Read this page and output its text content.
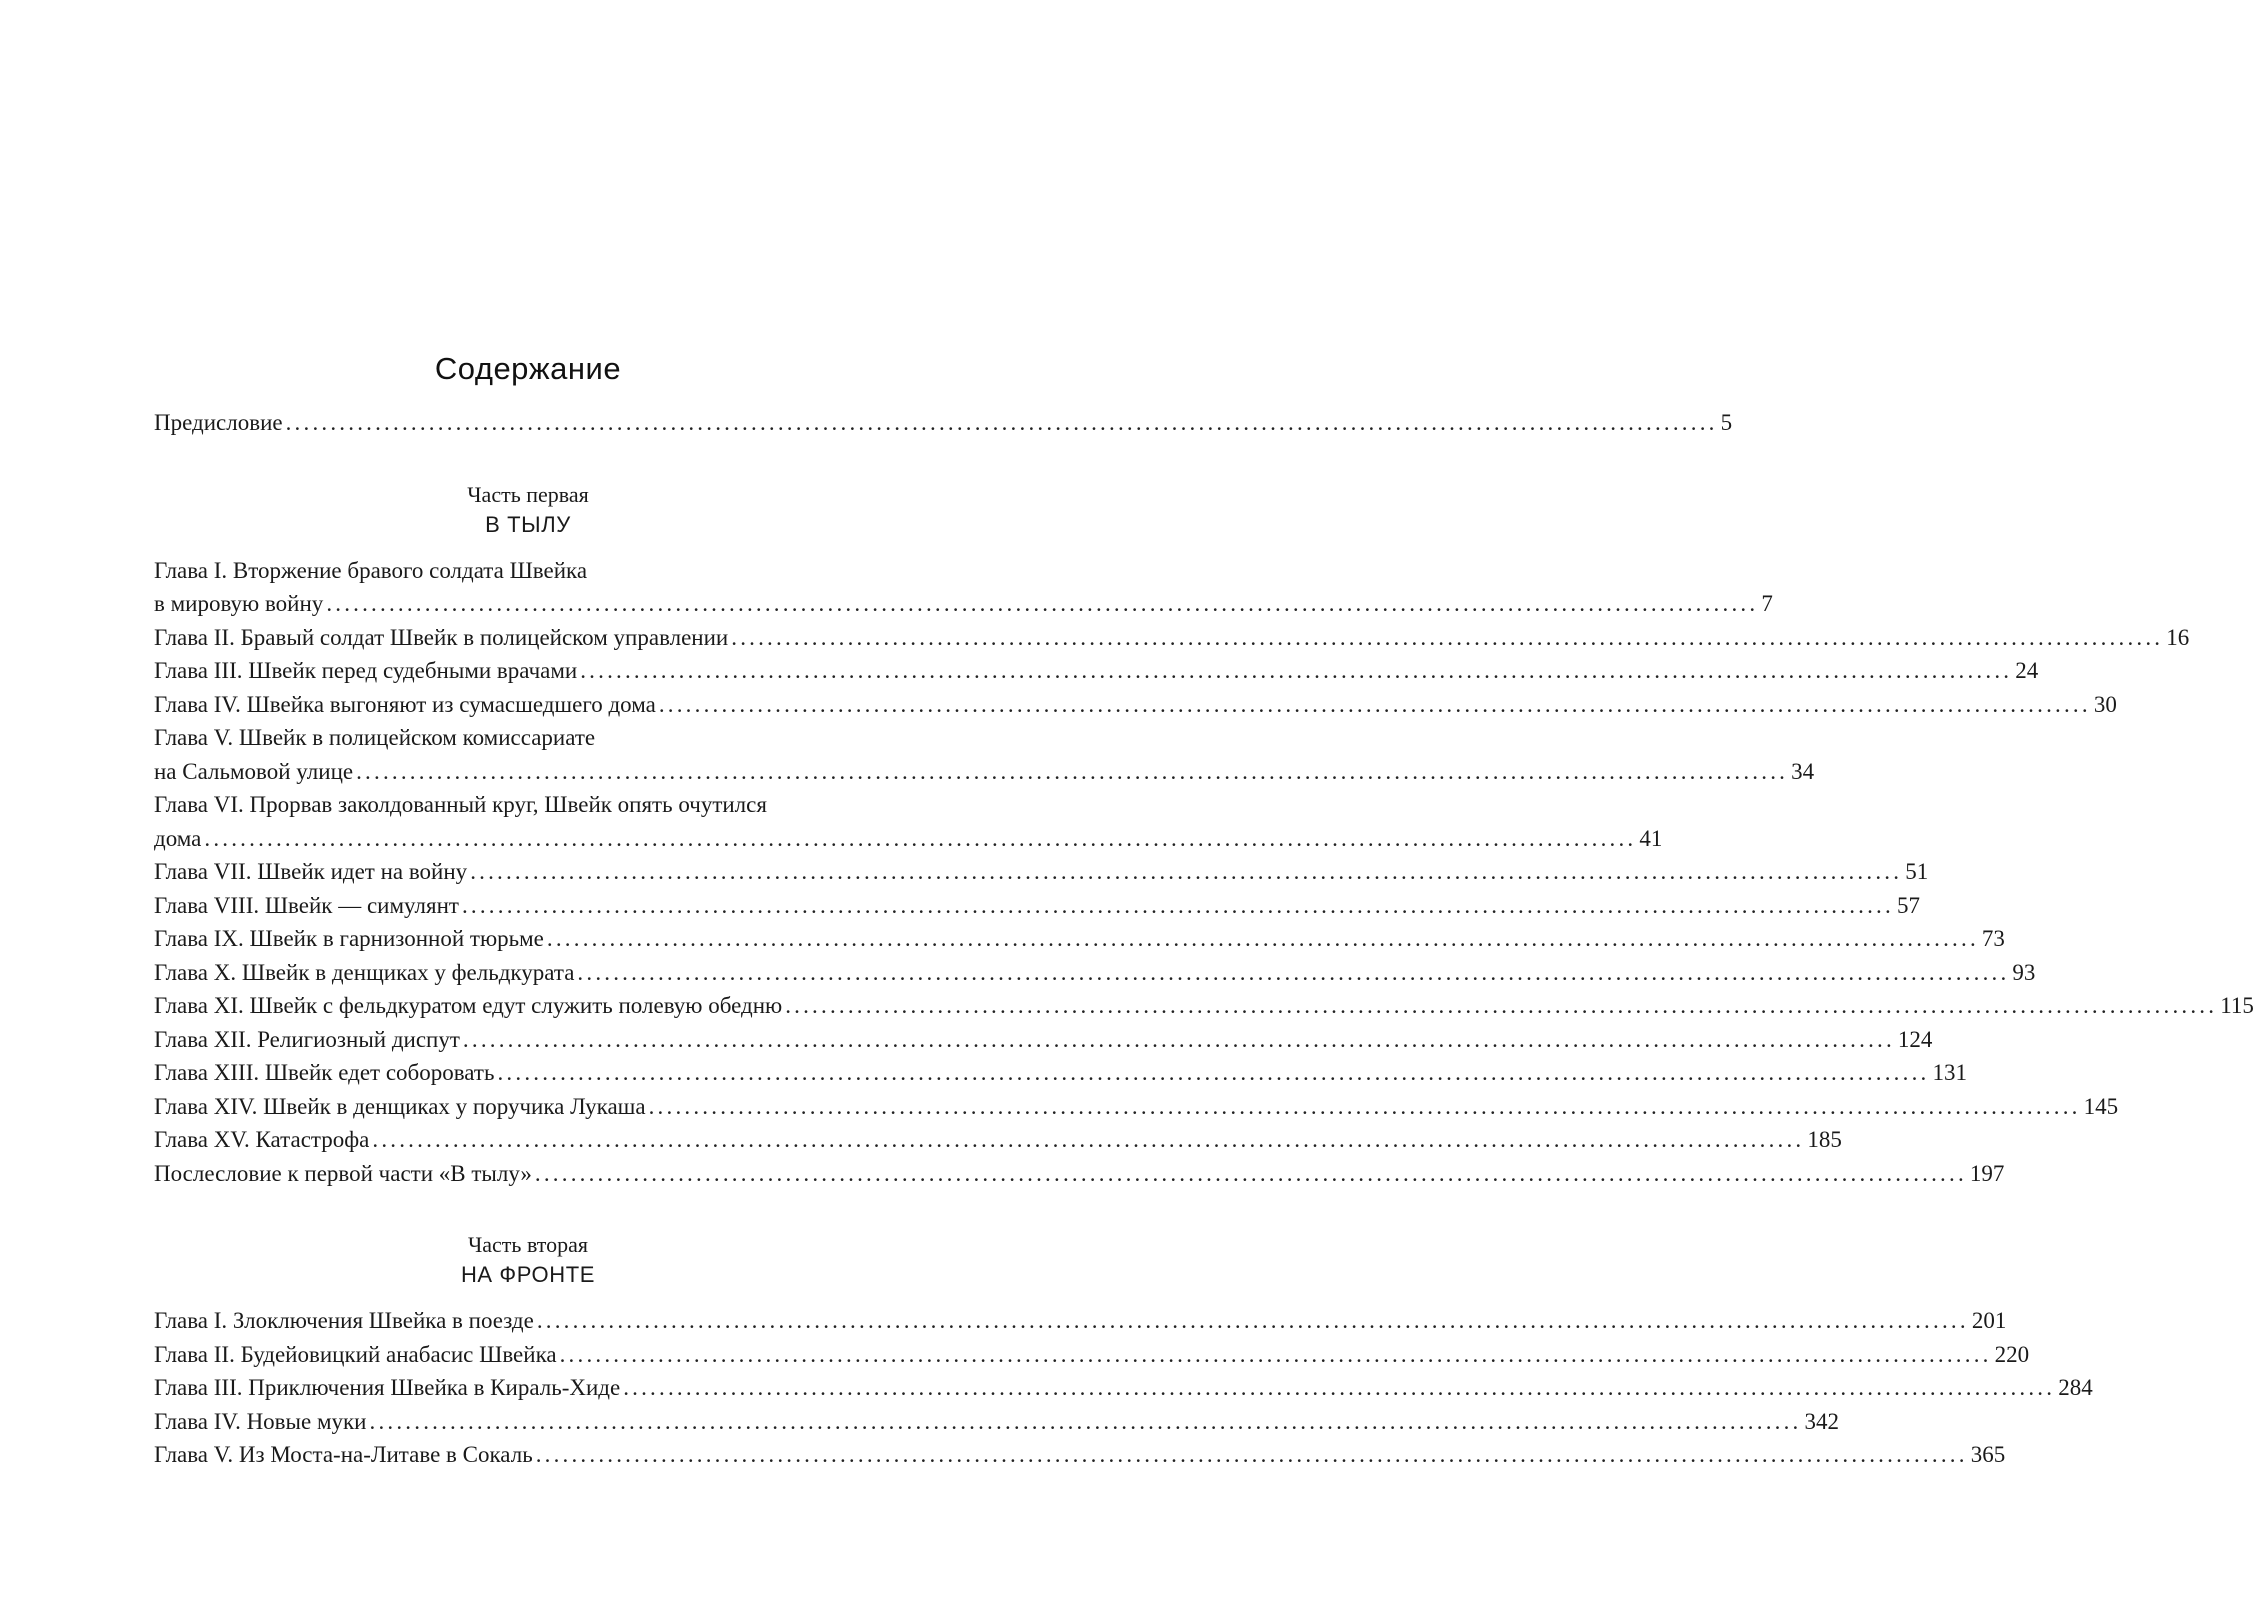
Содержание
Предисловие ................................................................................................................................................................ 5
Часть первая
В ТЫЛУ
Глава I. Вторжение бравого солдата Швейка
в мировую войну ................................................................................................................................................................ 7
Глава II. Бравый солдат Швейк в полицейском управлении ................................................................................................................................................................ 16
Глава III. Швейк перед судебными врачами ................................................................................................................................................................ 24
Глава IV. Швейка выгоняют из сумасшедшего дома ................................................................................................................................................................ 30
Глава V. Швейк в полицейском комиссариате
на Сальмовой улице ................................................................................................................................................................ 34
Глава VI. Прорвав заколдованный круг, Швейк опять очутился
дома ................................................................................................................................................................ 41
Глава VII. Швейк идет на войну ................................................................................................................................................................ 51
Глава VIII. Швейк — симулянт ................................................................................................................................................................ 57
Глава IX. Швейк в гарнизонной тюрьме ................................................................................................................................................................ 73
Глава X. Швейк в денщиках у фельдкурата ................................................................................................................................................................ 93
Глава XI. Швейк с фельдкуратом едут служить полевую обедню ................................................................................................................................................................ 115
Глава XII. Религиозный диспут ................................................................................................................................................................ 124
Глава XIII. Швейк едет соборовать ................................................................................................................................................................ 131
Глава XIV. Швейк в денщиках у поручика Лукаша ................................................................................................................................................................ 145
Глава XV. Катастрофа ................................................................................................................................................................ 185
Послесловие к первой части «В тылу» ................................................................................................................................................................ 197
Часть вторая
НА ФРОНТЕ
Глава I. Злоключения Швейка в поезде ................................................................................................................................................................ 201
Глава II. Будейовицкий анабасис Швейка ................................................................................................................................................................ 220
Глава III. Приключения Швейка в Кираль-Хиде ................................................................................................................................................................ 284
Глава IV. Новые муки ................................................................................................................................................................ 342
Глава V. Из Моста-на-Литаве в Сокаль ................................................................................................................................................................ 365
